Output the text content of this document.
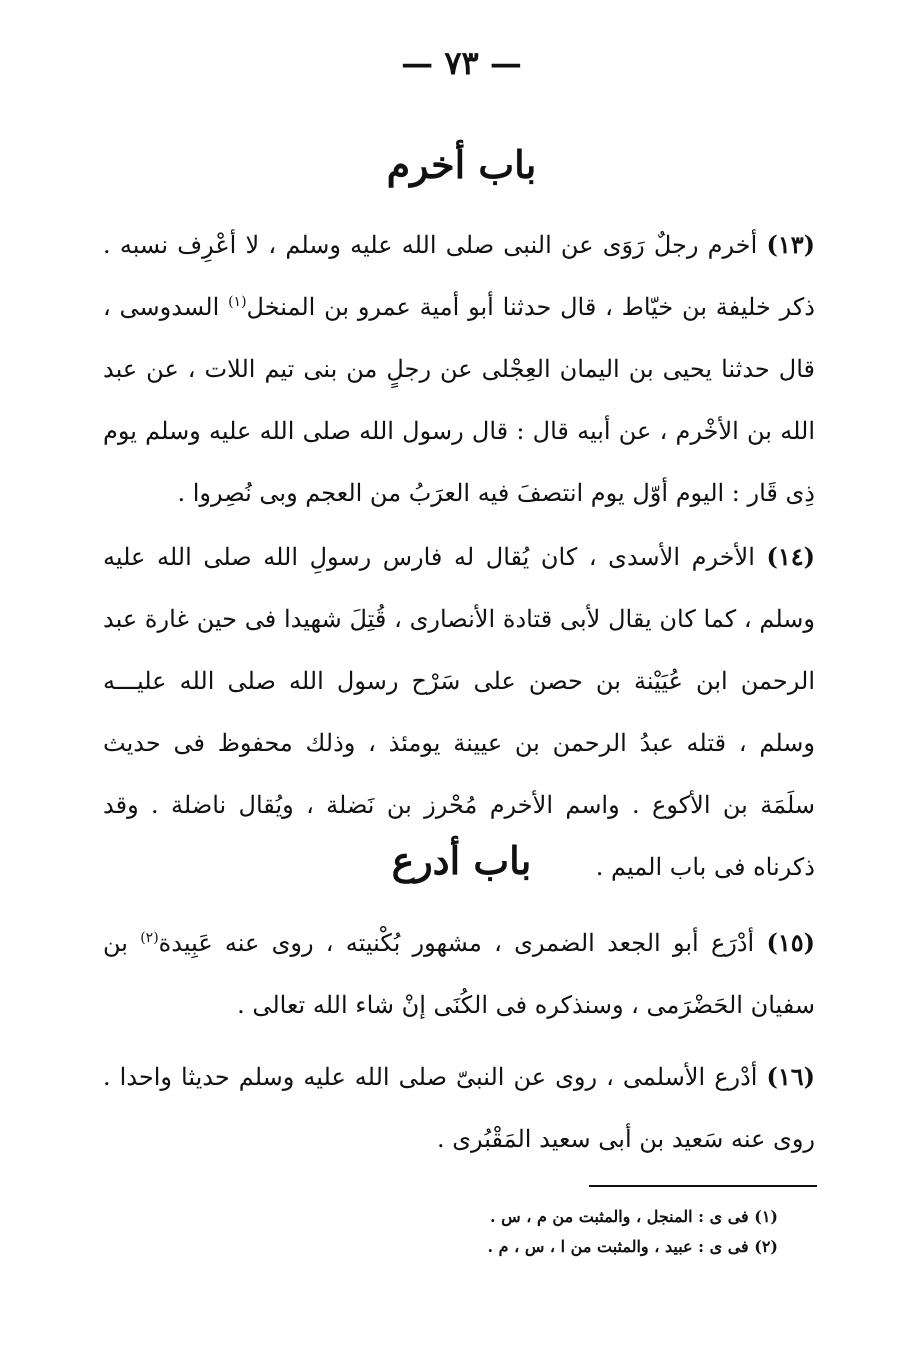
— ٧٣ —
باب أخرم
(١٣) أخرم رجلٌ رَوَى عن النبى صلى الله عليه وسلم ، لا أعْرِف نسبه . ذكر خليفة بن خيّاط ، قال حدثنا أبو أمية عمرو بن المنخل$^{(١)}$ السدوسى ، قال حدثنا يحيى بن اليمان العِجْلى عن رجلٍ من بنى تيم اللات ، عن عبد الله بن الأخْرم ، عن أبيه قال : قال رسول الله صلى الله عليه وسلم يوم ذِى قَار : اليوم أوّل يوم انتصفَ فيه العرَبُ من العجم وبى نُصِروا .
(١٤) الأخرم الأسدى ، كان يُقال له فارس رسولِ الله صلى الله عليه وسلم ، كما كان يقال لأبى قتادة الأنصارى ، قُتِلَ شهيدا فى حين غارة عبد الرحمن ابن عُيَيْنة بن حصن على سَرْح رسول الله صلى الله عليـــه وسلم ، قتله عبدُ الرحمن بن عيينة يومئذ ، وذلك محفوظ فى حديث سلَمَة بن الأكوع . واسم الأخرم مُحْرز بن نَضلة ، ويُقال ناضلة . وقد ذكرناه فى باب الميم .
باب أدرع
(١٥) أدْرَع أبو الجعد الضمرى ، مشهور بُكْنيته ، روى عنه عَبِيدة$^{(٢)}$ بن سفيان الحَضْرَمى ، وسنذكره فى الكُنَى إنْ شاء الله تعالى .
(١٦) أدْرع الأسلمى ، روى عن النبىّ صلى الله عليه وسلم حديثا واحدا . روى عنه سَعيد بن أبى سعيد المَقْبُرى .
(١) فى ى : المنجل ، والمثبت من م ، س .
(٢) فى ى : عبيد ، والمثبت من ا ، س ، م .
